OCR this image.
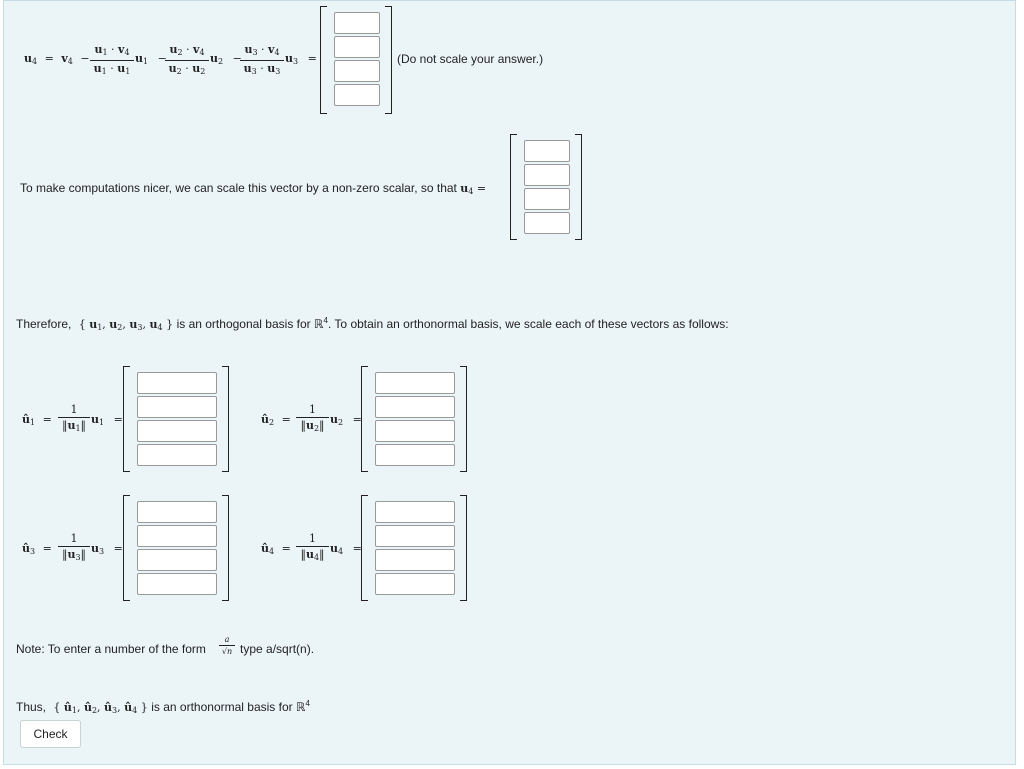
$u_4 = v_4$ −
$u_1 \cdot v_4$
$u_1 \cdot u_1$
$u_1$ −
$u_2 \cdot v_4$
$u_2 \cdot u_2$
$u_2$ −
$u_3 \cdot v_4$
$u_3 \cdot u_3$
$u_3$ =	(Do not scale your answer.)
To make computations nicer, we can scale this vector by a non-zero scalar, so that $u_4$ =
Therefore, { $u_1$, $u_2$, $u_3$, $u_4$ } is an orthogonal basis for ℝ$^4$. To obtain an orthonormal basis, we scale each of these vectors as follows:
$û_1$ =
1
$‖u_1‖$ $u_1$ =	$û_2$ =
1
$‖u_2‖$ $u_2$ =
$û_3$ =
1
$‖u_3‖$ $u_3$ =	$û_4$ =
1
$‖u_4‖$ $u_4$ =
Note: To enter a number of the form
a
√n type a/sqrt(n).
Thus, { $û_1$, $û_2$, $û_3$, $û_4$ } is an orthonormal basis for ℝ$^4$
Check
